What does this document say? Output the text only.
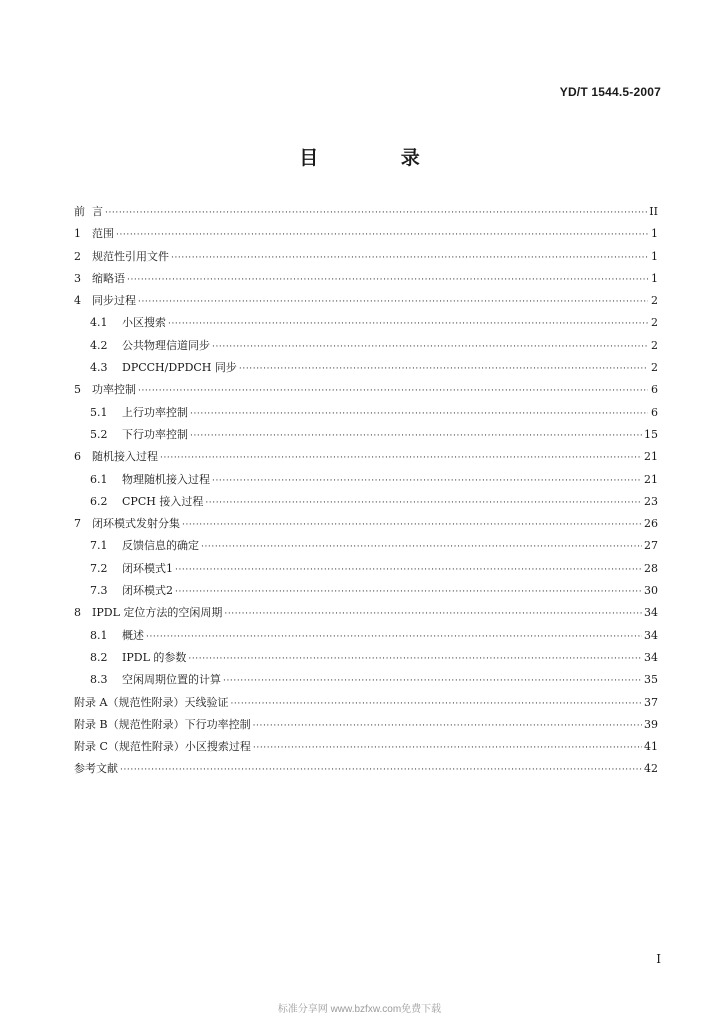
YD/T 1544.5-2007
目 录
前 言 ·····	II
1	范围 ·····	1
2	规范性引用文件 ·····	1
3	缩略语 ·····	1
4	同步过程 ·····	2
4.1	小区搜索 ·····	2
4.2	公共物理信道同步 ·····	2
4.3	DPCCH/DPDCH 同步 ·····	2
5	功率控制 ·····	6
5.1	上行功率控制 ·····	6
5.2	下行功率控制 ·····	15
6	随机接入过程 ·····	21
6.1	物理随机接入过程 ·····	21
6.2	CPCH 接入过程 ·····	23
7	闭环模式发射分集 ·····	26
7.1	反馈信息的确定 ·····	27
7.2	闭环模式1 ·····	28
7.3	闭环模式2 ·····	30
8	IPDL 定位方法的空闲周期 ·····	34
8.1	概述 ·····	34
8.2	IPDL 的参数 ·····	34
8.3	空闲周期位置的计算 ·····	35
附录 A（规范性附录）天线验证 ·····	37
附录 B（规范性附录）下行功率控制 ·····	39
附录 C（规范性附录）小区搜索过程 ·····	41
参考文献 ·····	42
I
标准分享网 www.bzfxw.com免费下载
